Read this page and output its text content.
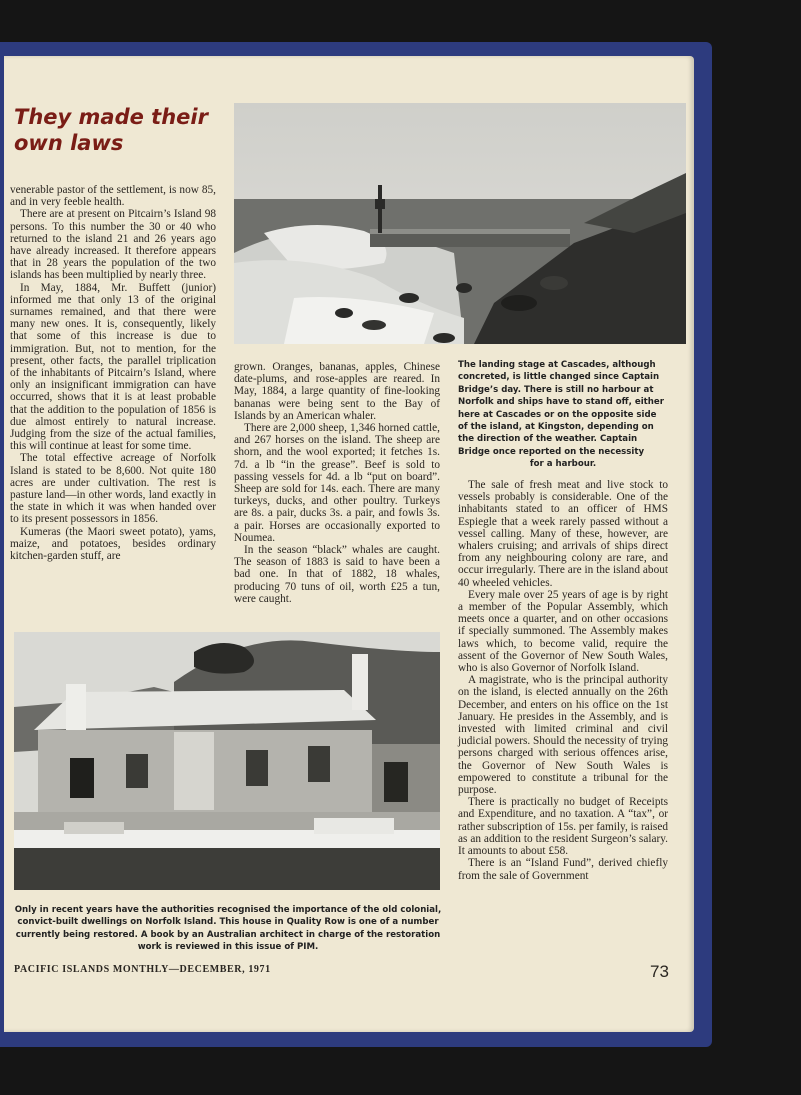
They made their
own laws
The landing stage at Cascades, although concreted, is little changed since Captain Bridge’s day. There is still no harbour at Norfolk and ships have to stand off, either here at Cascades or on the opposite side of the island, at Kingston, depending on the direction of the weather. Captain Bridge once reported on the necessity
for a harbour.

venerable pastor of the settlement, is now 85, and in very feeble health.

There are at present on Pitcairn’s Island 98 persons. To this number the 30 or 40 who returned to the island 21 and 26 years ago have already increased. It therefore appears that in 28 years the population of the two islands has been multiplied by nearly three.

In May, 1884, Mr. Buffett (junior) informed me that only 13 of the original surnames remained, and that there were many new ones. It is, consequently, likely that some of this increase is due to immigration. But, not to mention, for the present, other facts, the parallel triplication of the inhabitants of Pitcairn’s Island, where only an insignificant immigration can have occurred, shows that it is at least probable that the addition to the population of 1856 is due almost entirely to natural increase. Judging from the size of the actual families, this will continue at least for some time.

The total effective acreage of Norfolk Island is stated to be 8,600. Not quite 180 acres are under cultivation. The rest is pasture land—in other words, land exactly in the state in which it was when handed over to its present possessors in 1856.

Kumeras (the Maori sweet potato), yams, maize, and potatoes, besides ordinary kitchen-garden stuff, are

grown. Oranges, bananas, apples, Chinese date-plums, and rose-apples are reared. In May, 1884, a large quantity of fine-looking bananas were being sent to the Bay of Islands by an American whaler.

There are 2,000 sheep, 1,346 horned cattle, and 267 horses on the island. The sheep are shorn, and the wool exported; it fetches 1s. 7d. a lb “in the grease”. Beef is sold to passing vessels for 4d. a lb “put on board”. Sheep are sold for 14s. each. There are many turkeys, ducks, and other poultry. Turkeys are 8s. a pair, ducks 3s. a pair, and fowls 3s. a pair. Horses are occasionally exported to Noumea.

In the season “black” whales are caught. The season of 1883 is said to have been a bad one. In that of 1882, 18 whales, producing 70 tuns of oil, worth £25 a tun, were caught.

The sale of fresh meat and live stock to vessels probably is considerable. One of the inhabitants stated to an officer of HMS Espiegle that a week rarely passed without a vessel calling. Many of these, however, are whalers cruising; and arrivals of ships direct from any neighbouring colony are rare, and occur irregularly. There are in the island about 40 wheeled vehicles.

Every male over 25 years of age is by right a member of the Popular Assembly, which meets once a quarter, and on other occasions if specially summoned. The Assembly makes laws which, to become valid, require the assent of the Governor of New South Wales, who is also Governor of Norfolk Island.

A magistrate, who is the principal authority on the island, is elected annually on the 26th December, and enters on his office on the 1st January. He presides in the Assembly, and is invested with limited criminal and civil judicial powers. Should the necessity of trying persons charged with serious offences arise, the Governor of New South Wales is empowered to constitute a tribunal for the purpose.

There is practically no budget of Receipts and Expenditure, and no taxation. A “tax”, or rather subscription of 15s. per family, is raised as an addition to the resident Surgeon’s salary. It amounts to about £58.

There is an “Island Fund”, derived chiefly from the sale of Government

Only in recent years have the authorities recognised the importance of the old colonial, convict-built dwellings on Norfolk Island. This house in Quality Row is one of a number currently being restored. A book by an Australian architect in charge of the restoration work is reviewed in this issue of PIM.
PACIFIC ISLANDS MONTHLY—DECEMBER, 1971	73
